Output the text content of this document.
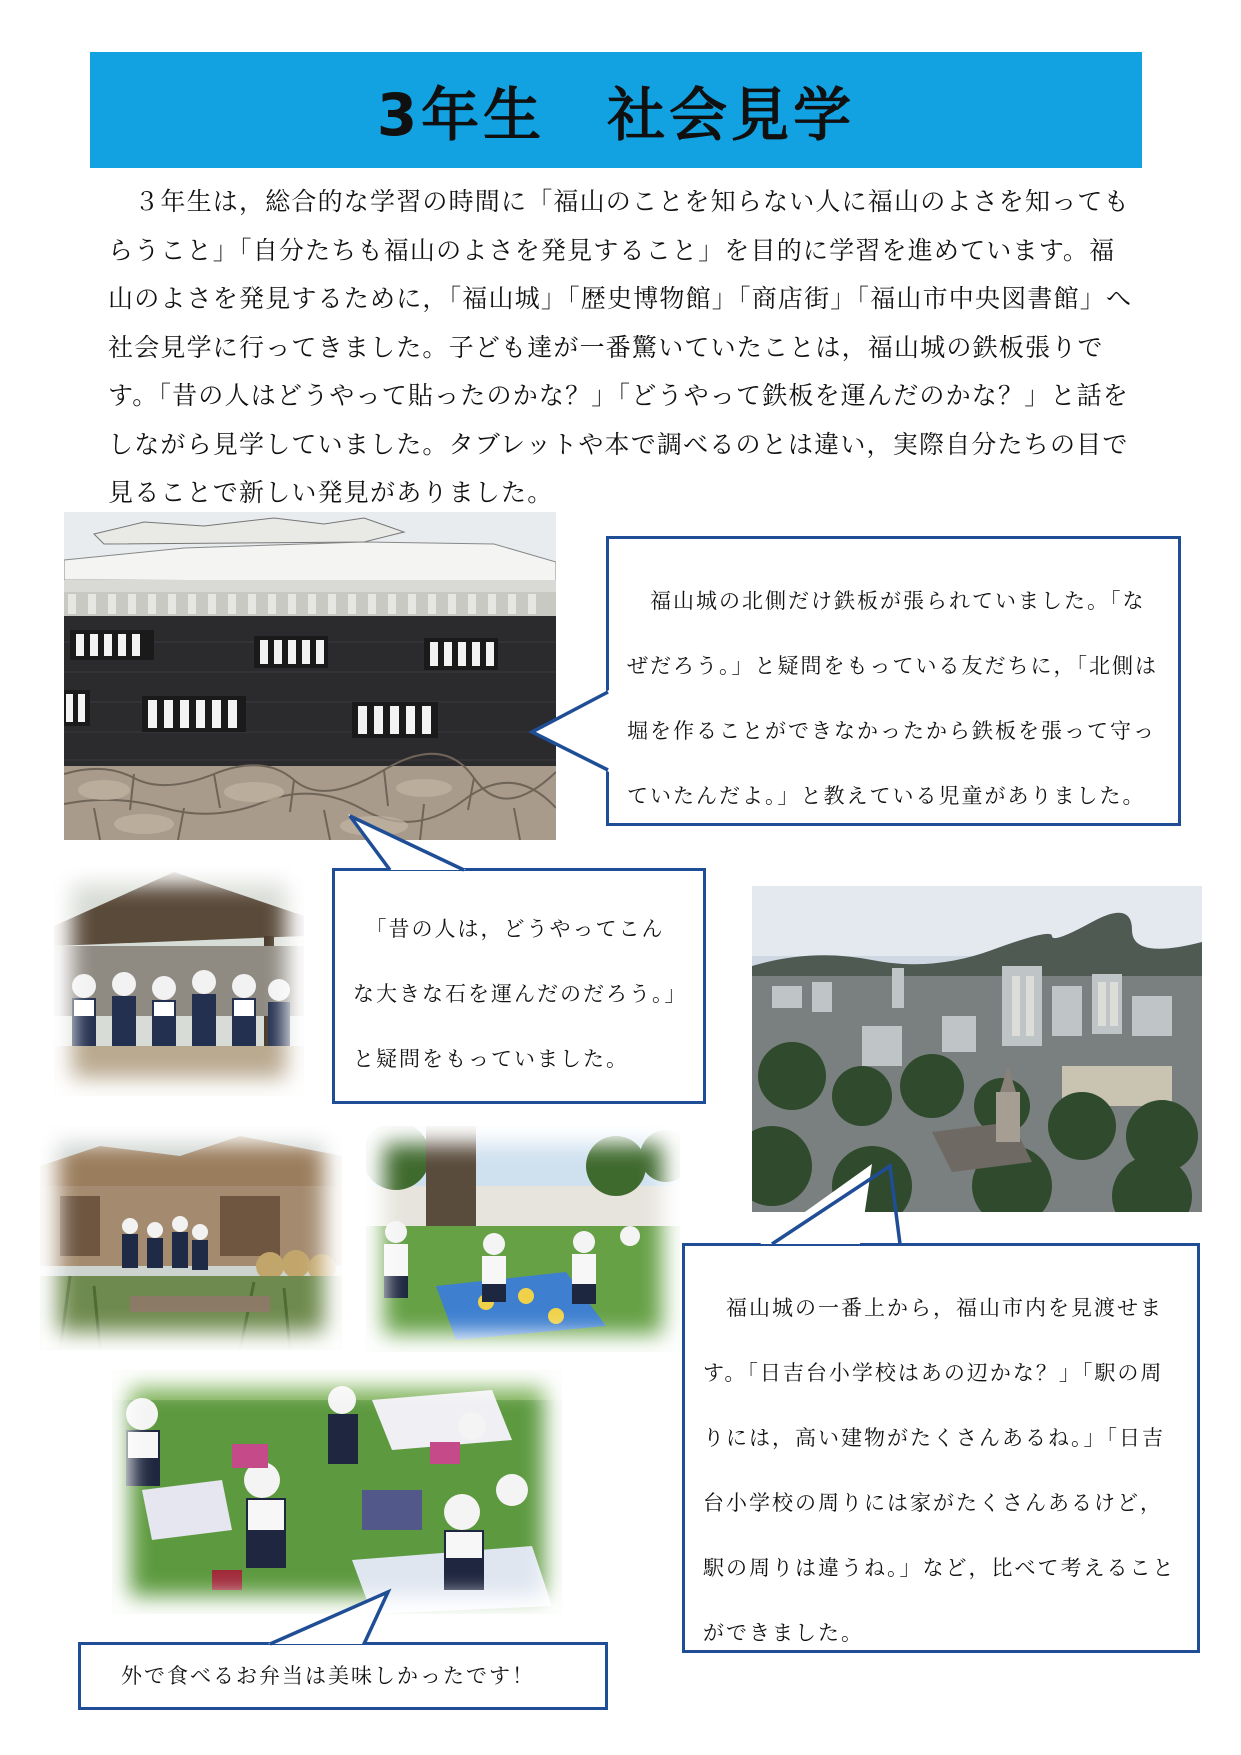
3年生　社会見学
　３年生は，総合的な学習の時間に「福山のことを知らない人に福山のよさを知ってもらうこと」「自分たちも福山のよさを発見すること」を目的に学習を進めています。福山のよさを発見するために，「福山城」「歴史博物館」「商店街」「福山市中央図書館」へ社会見学に行ってきました。子ども達が一番驚いていたことは，福山城の鉄板張りです。「昔の人はどうやって貼ったのかな？」「どうやって鉄板を運んだのかな？」と話をしながら見学していました。タブレットや本で調べるのとは違い，実際自分たちの目で見ることで新しい発見がありました。

　福山城の北側だけ鉄板が張られていました。「なぜだろう。」と疑問をもっている友だちに，「北側は堀を作ることができなかったから鉄板を張って守っていたんだよ。」と教えている児童がありました。

　「昔の人は，どうやってこんな大きな石を運んだのだろう。」と疑問をもっていました。

　福山城の一番上から，福山市内を見渡せます。「日吉台小学校はあの辺かな？」「駅の周りには，高い建物がたくさんあるね。」「日吉台小学校の周りには家がたくさんあるけど，駅の周りは違うね。」など，比べて考えることができました。

外で食べるお弁当は美味しかったです！
